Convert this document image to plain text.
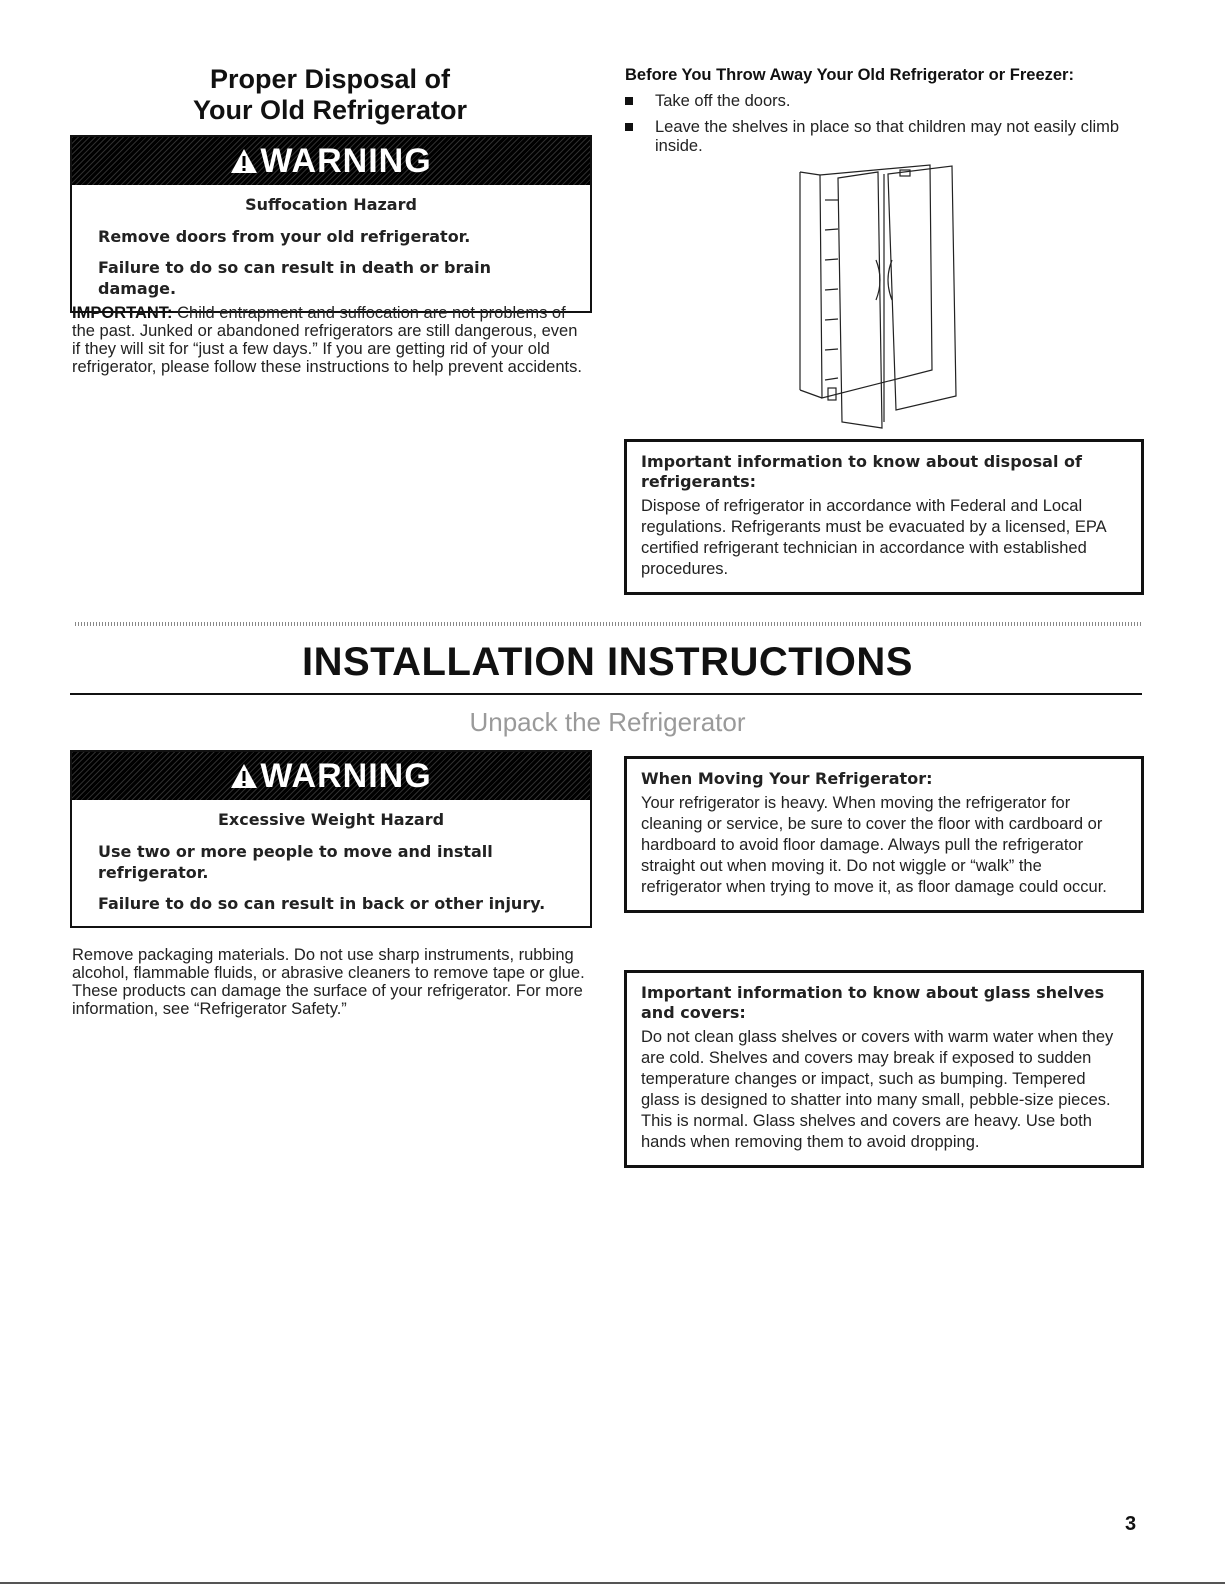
Proper Disposal of
Your Old Refrigerator
WARNING
Suffocation Hazard
Remove doors from your old refrigerator.
Failure to do so can result in death or brain damage.
IMPORTANT: Child entrapment and suffocation are not problems of the past. Junked or abandoned refrigerators are still dangerous, even if they will sit for “just a few days.” If you are getting rid of your old refrigerator, please follow these instructions to help prevent accidents.
Before You Throw Away Your Old Refrigerator or Freezer:
Take off the doors.
Leave the shelves in place so that children may not easily climb inside.
Important information to know about disposal of refrigerants:
Dispose of refrigerator in accordance with Federal and Local regulations. Refrigerants must be evacuated by a licensed, EPA certified refrigerant technician in accordance with established procedures.
INSTALLATION INSTRUCTIONS
Unpack the Refrigerator
WARNING
Excessive Weight Hazard
Use two or more people to move and install refrigerator.
Failure to do so can result in back or other injury.
Remove packaging materials. Do not use sharp instruments, rubbing alcohol, flammable fluids, or abrasive cleaners to remove tape or glue. These products can damage the surface of your refrigerator. For more information, see “Refrigerator Safety.”
When Moving Your Refrigerator:
Your refrigerator is heavy. When moving the refrigerator for cleaning or service, be sure to cover the floor with cardboard or hardboard to avoid floor damage. Always pull the refrigerator straight out when moving it. Do not wiggle or “walk” the refrigerator when trying to move it, as floor damage could occur.
Important information to know about glass shelves and covers:
Do not clean glass shelves or covers with warm water when they are cold. Shelves and covers may break if exposed to sudden temperature changes or impact, such as bumping. Tempered glass is designed to shatter into many small, pebble-size pieces. This is normal. Glass shelves and covers are heavy. Use both hands when removing them to avoid dropping.
3
